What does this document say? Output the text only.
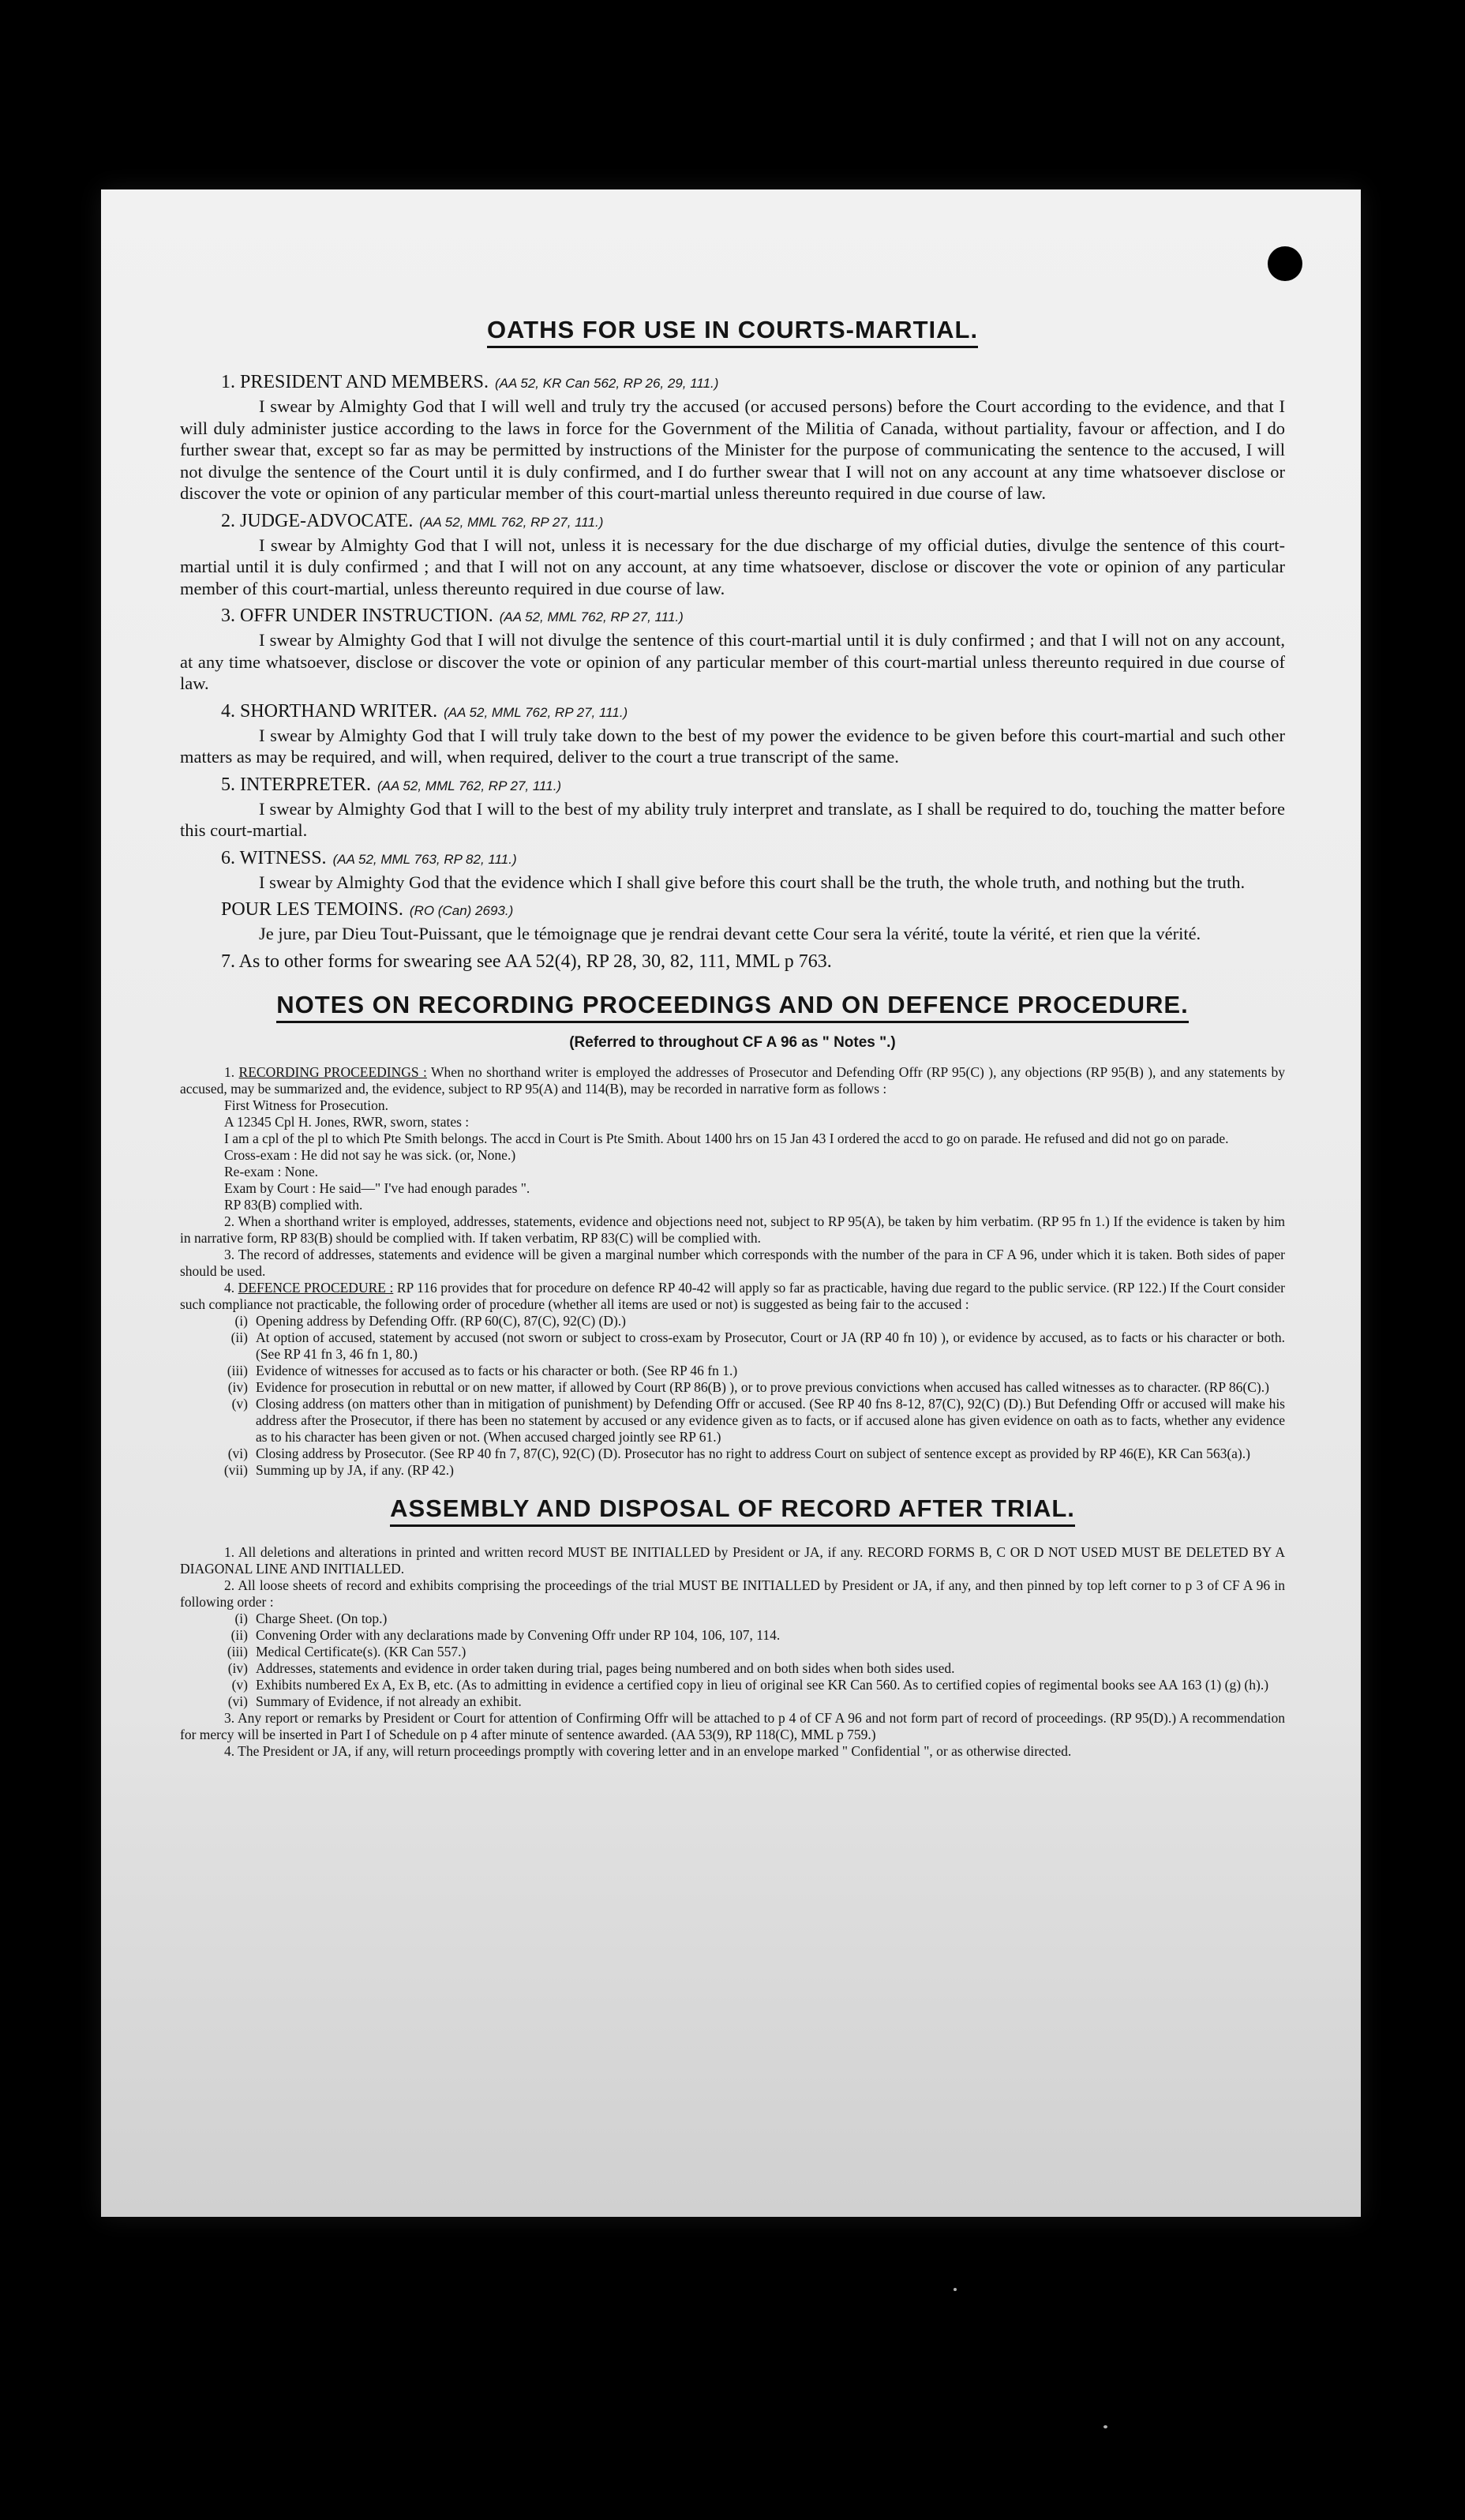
OATHS FOR USE IN COURTS-MARTIAL.
1. PRESIDENT AND MEMBERS. (AA 52, KR Can 562, RP 26, 29, 111.)
I swear by Almighty God that I will well and truly try the accused (or accused persons) before the Court according to the evidence, and that I will duly administer justice according to the laws in force for the Government of the Militia of Canada, without partiality, favour or affection, and I do further swear that, except so far as may be permitted by instructions of the Minister for the purpose of communicating the sentence to the accused, I will not divulge the sentence of the Court until it is duly confirmed, and I do further swear that I will not on any account at any time whatsoever disclose or discover the vote or opinion of any particular member of this court-martial unless thereunto required in due course of law.
2. JUDGE-ADVOCATE. (AA 52, MML 762, RP 27, 111.)
I swear by Almighty God that I will not, unless it is necessary for the due discharge of my official duties, divulge the sentence of this court-martial until it is duly confirmed ; and that I will not on any account, at any time whatsoever, disclose or discover the vote or opinion of any particular member of this court-martial, unless thereunto required in due course of law.
3. OFFR UNDER INSTRUCTION. (AA 52, MML 762, RP 27, 111.)
I swear by Almighty God that I will not divulge the sentence of this court-martial until it is duly confirmed ; and that I will not on any account, at any time whatsoever, disclose or discover the vote or opinion of any particular member of this court-martial unless thereunto required in due course of law.
4. SHORTHAND WRITER. (AA 52, MML 762, RP 27, 111.)
I swear by Almighty God that I will truly take down to the best of my power the evidence to be given before this court-martial and such other matters as may be required, and will, when required, deliver to the court a true transcript of the same.
5. INTERPRETER. (AA 52, MML 762, RP 27, 111.)
I swear by Almighty God that I will to the best of my ability truly interpret and translate, as I shall be required to do, touching the matter before this court-martial.
6. WITNESS. (AA 52, MML 763, RP 82, 111.)
I swear by Almighty God that the evidence which I shall give before this court shall be the truth, the whole truth, and nothing but the truth.
POUR LES TEMOINS. (RO (Can) 2693.)
Je jure, par Dieu Tout-Puissant, que le témoignage que je rendrai devant cette Cour sera la vérité, toute la vérité, et rien que la vérité.
7. As to other forms for swearing see AA 52(4), RP 28, 30, 82, 111, MML p 763.
NOTES ON RECORDING PROCEEDINGS AND ON DEFENCE PROCEDURE.
(Referred to throughout CF A 96 as " Notes ".)

1. RECORDING PROCEEDINGS : When no shorthand writer is employed the addresses of Prosecutor and Defending Offr (RP 95(C) ), any objections (RP 95(B) ), and any statements by accused, may be summarized and, the evidence, subject to RP 95(A) and 114(B), may be recorded in narrative form as follows :

First Witness for Prosecution.

A 12345 Cpl H. Jones, RWR, sworn, states :

I am a cpl of the pl to which Pte Smith belongs. The accd in Court is Pte Smith. About 1400 hrs on 15 Jan 43 I ordered the accd to go on parade. He refused and did not go on parade.

Cross-exam : He did not say he was sick. (or, None.)

Re-exam : None.

Exam by Court : He said—" I've had enough parades ".

RP 83(B) complied with.

2. When a shorthand writer is employed, addresses, statements, evidence and objections need not, subject to RP 95(A), be taken by him verbatim. (RP 95 fn 1.) If the evidence is taken by him in narrative form, RP 83(B) should be complied with. If taken verbatim, RP 83(C) will be complied with.

3. The record of addresses, statements and evidence will be given a marginal number which corresponds with the number of the para in CF A 96, under which it is taken. Both sides of paper should be used.

4. DEFENCE PROCEDURE : RP 116 provides that for procedure on defence RP 40-42 will apply so far as practicable, having due regard to the public service. (RP 122.) If the Court consider such compliance not practicable, the following order of procedure (whether all items are used or not) is suggested as being fair to the accused :

(i) Opening address by Defending Offr. (RP 60(C), 87(C), 92(C) (D).)
(ii) At option of accused, statement by accused (not sworn or subject to cross-exam by Prosecutor, Court or JA (RP 40 fn 10) ), or evidence by accused, as to facts or his character or both. (See RP 41 fn 3, 46 fn 1, 80.)
(iii) Evidence of witnesses for accused as to facts or his character or both. (See RP 46 fn 1.)
(iv) Evidence for prosecution in rebuttal or on new matter, if allowed by Court (RP 86(B) ), or to prove previous convictions when accused has called witnesses as to character. (RP 86(C).)
(v) Closing address (on matters other than in mitigation of punishment) by Defending Offr or accused. (See RP 40 fns 8-12, 87(C), 92(C) (D).) But Defending Offr or accused will make his address after the Prosecutor, if there has been no statement by accused or any evidence given as to facts, or if accused alone has given evidence on oath as to facts, whether any evidence as to his character has been given or not. (When accused charged jointly see RP 61.)
(vi) Closing address by Prosecutor. (See RP 40 fn 7, 87(C), 92(C) (D). Prosecutor has no right to address Court on subject of sentence except as provided by RP 46(E), KR Can 563(a).)
(vii) Summing up by JA, if any. (RP 42.)
ASSEMBLY AND DISPOSAL OF RECORD AFTER TRIAL.

1. All deletions and alterations in printed and written record MUST BE INITIALLED by President or JA, if any. RECORD FORMS B, C OR D NOT USED MUST BE DELETED BY A DIAGONAL LINE AND INITIALLED.

2. All loose sheets of record and exhibits comprising the proceedings of the trial MUST BE INITIALLED by President or JA, if any, and then pinned by top left corner to p 3 of CF A 96 in following order :

(i) Charge Sheet. (On top.)
(ii) Convening Order with any declarations made by Convening Offr under RP 104, 106, 107, 114.
(iii) Medical Certificate(s). (KR Can 557.)
(iv) Addresses, statements and evidence in order taken during trial, pages being numbered and on both sides when both sides used.
(v) Exhibits numbered Ex A, Ex B, etc. (As to admitting in evidence a certified copy in lieu of original see KR Can 560. As to certified copies of regimental books see AA 163 (1) (g) (h).)
(vi) Summary of Evidence, if not already an exhibit.

3. Any report or remarks by President or Court for attention of Confirming Offr will be attached to p 4 of CF A 96 and not form part of record of proceedings. (RP 95(D).) A recommendation for mercy will be inserted in Part I of Schedule on p 4 after minute of sentence awarded. (AA 53(9), RP 118(C), MML p 759.)

4. The President or JA, if any, will return proceedings promptly with covering letter and in an envelope marked " Confidential ", or as otherwise directed.
